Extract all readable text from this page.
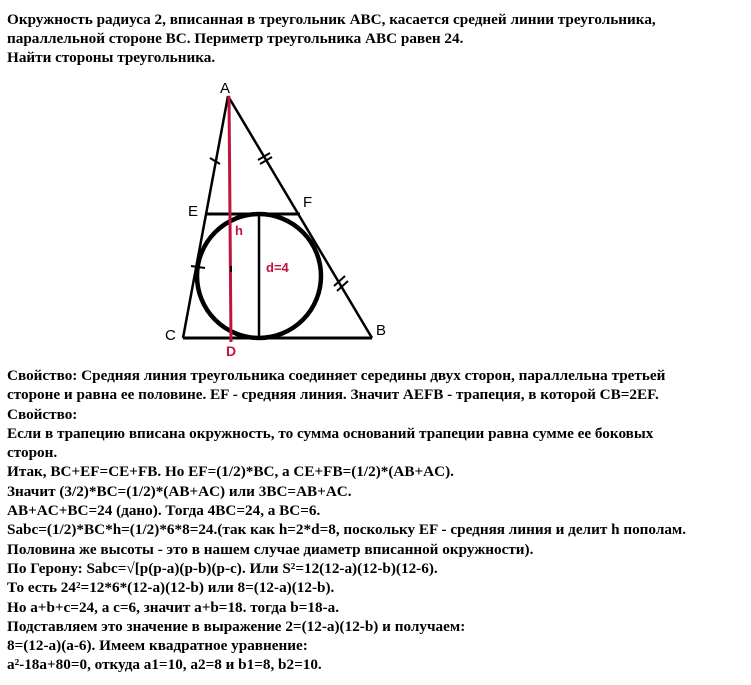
Окружность радиуса 2, вписанная в треугольник ABC, касается средней линии треугольника,
параллельной стороне BC. Периметр треугольника ABC равен 24.
Найти стороны треугольника.
A
B
C
E
F
D
h
d=4
Свойство: Средняя линия треугольника соединяет середины двух сторон, параллельна третьей
стороне и равна ее половине. EF - средняя линия. Значит AEFB - трапеция, в которой CB=2EF.
Свойство:
Если в трапецию вписана окружность, то сумма оснований трапеции равна сумме ее боковых
сторон.
Итак, BC+EF=CE+FB. Но EF=(1/2)*BC, а CE+FB=(1/2)*(AB+AC).
Значит (3/2)*BC=(1/2)*(AB+AC) или 3BC=AB+AC.
AB+AC+BC=24 (дано). Тогда 4BC=24, а BC=6.
Sabc=(1/2)*BC*h=(1/2)*6*8=24.(так как h=2*d=8, поскольку EF - средняя линия и делит h пополам.
Половина же высоты - это в нашем случае диаметр вписанной окружности).
По Герону: Sabc=√[p(p-a)(p-b)(p-c). Или S²=12(12-a)(12-b)(12-6).
То есть 24²=12*6*(12-a)(12-b) или 8=(12-a)(12-b).
Но a+b+c=24, а c=6, значит a+b=18. тогда b=18-a.
Подставляем это значение в выражение 2=(12-a)(12-b) и получаем:
8=(12-a)(a-6). Имеем квадратное уравнение:
a²-18a+80=0, откуда a1=10, a2=8 и b1=8, b2=10.
